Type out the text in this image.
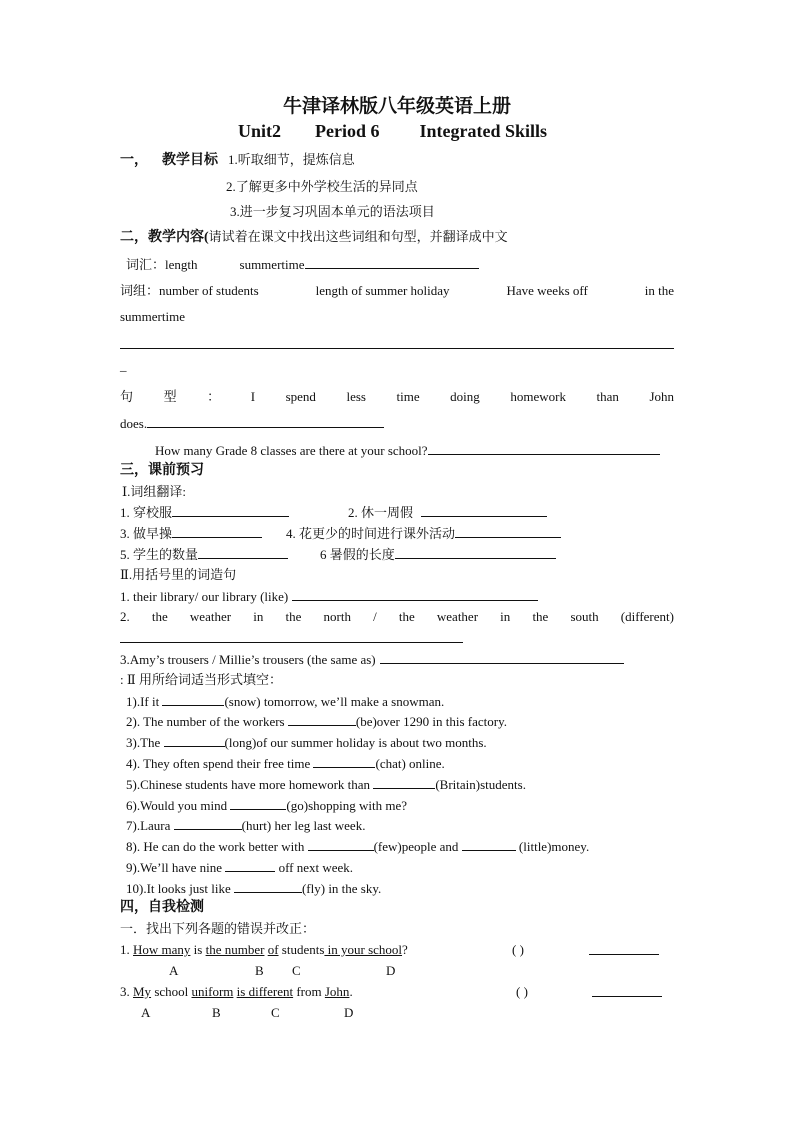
牛津译林版八年级英语上册
Unit2 Period 6 Integrated Skills
一， 教学目标 1.听取细节，提炼信息
2.了解更多中外学校生活的异同点
3.进一步复习巩固本单元的语法项目
二，教学内容(请试着在课文中找出这些词组和句型，并翻译成中文
词汇：length	summertime
词组：number of students	length of summer holiday	Have weeks off	in the
summertime
_
句 型 ： I spend less time doing homework than John
does.
How many Grade 8 classes are there at your school?
三，课前预习
Ⅰ.词组翻译:
1. 穿校服	2. 休一周假
3. 做早操	4. 花更少的时间进行课外活动
5. 学生的数量	6 暑假的长度
Ⅱ.用括号里的词造句
1. their library/ our library (like)
2. the weather in the north / the weather in the south (different)
3.Amy’s trousers / Millie’s trousers (the same as)
: Ⅱ 用所给词适当形式填空：
1).If it	(snow) tomorrow, we’ll make a snowman.
2). The number of the workers	(be)over 1290 in this factory.
3).The	(long)of our summer holiday is about two months.
4). They often spend their free time	(chat) online.
5).Chinese students have more homework than	(Britain)students.
6).Would you mind	(go)shopping with me?
7).Laura	(hurt) her leg last week.
8). He can do the work better with	(few)people and	(little)money.
9).We’ll have nine	off next week.
10).It looks just like	(fly) in the sky.
四，自我检测
一．找出下列各题的错误并改正：
1. How many is the number of students in your school?	( )
A	B C	D
3. My school uniform is different from John.	( )
A	B	C	D
